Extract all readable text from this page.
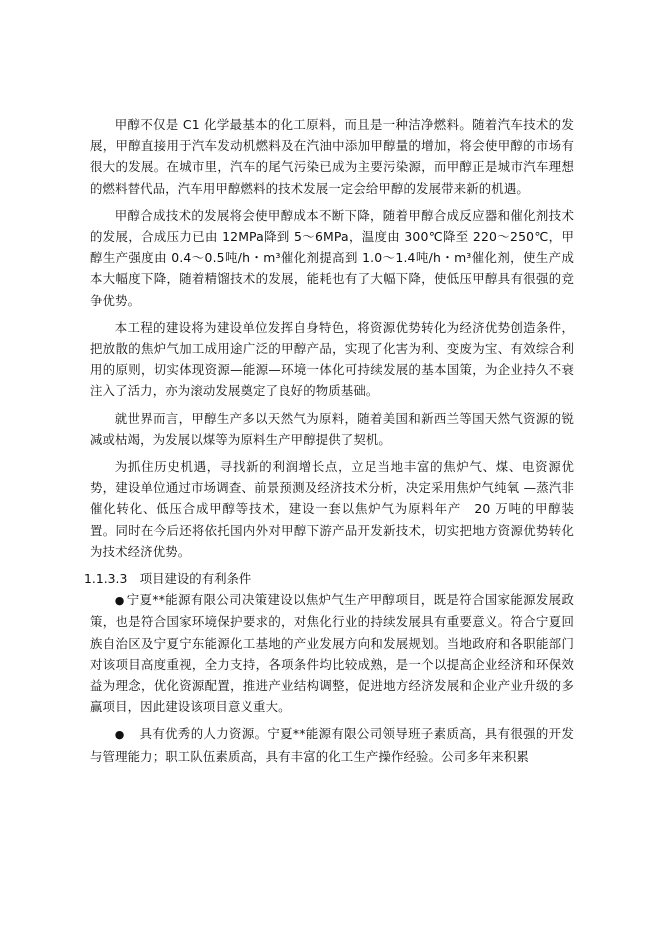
甲醇不仅是 C1 化学最基本的化工原料，而且是一种洁净燃料。随着汽车技术的发展，甲醇直接用于汽车发动机燃料及在汽油中添加甲醇量的增加，将会使甲醇的市场有很大的发展。在城市里，汽车的尾气污染已成为主要污染源，而甲醇正是城市汽车理想的燃料替代品，汽车用甲醇燃料的技术发展一定会给甲醇的发展带来新的机遇。

甲醇合成技术的发展将会使甲醇成本不断下降，随着甲醇合成反应器和催化剂技术的发展，合成压力已由 12MPa降到 5～6MPa，温度由 300℃降至 220～250℃，甲醇生产强度由 0.4～0.5吨/h・m³催化剂提高到 1.0～1.4吨/h・m³催化剂，使生产成本大幅度下降，随着精馏技术的发展，能耗也有了大幅下降，使低压甲醇具有很强的竞争优势。

本工程的建设将为建设单位发挥自身特色，将资源优势转化为经济优势创造条件，把放散的焦炉气加工成用途广泛的甲醇产品，实现了化害为利、变废为宝、有效综合利用的原则，切实体现资源—能源—环境一体化可持续发展的基本国策，为企业持久不衰注入了活力，亦为滚动发展奠定了良好的物质基础。

就世界而言，甲醇生产多以天然气为原料，随着美国和新西兰等国天然气资源的锐减或枯竭，为发展以煤等为原料生产甲醇提供了契机。

为抓住历史机遇，寻找新的利润增长点，立足当地丰富的焦炉气、煤、电资源优势，建设单位通过市场调查、前景预测及经济技术分析，决定采用焦炉气纯氧 —蒸汽非催化转化、低压合成甲醇等技术，建设一套以焦炉气为原料年产　20 万吨的甲醇装置。同时在今后还将依托国内外对甲醇下游产品开发新技术，切实把地方资源优势转化为技术经济优势。

1.1.3.3　项目建设的有利条件

● 宁夏**能源有限公司决策建设以焦炉气生产甲醇项目，既是符合国家能源发展政策，也是符合国家环境保护要求的，对焦化行业的持续发展具有重要意义。符合宁夏回族自治区及宁夏宁东能源化工基地的产业发展方向和发展规划。当地政府和各职能部门对该项目高度重视，全力支持，各项条件均比较成熟，是一个以提高企业经济和环保效益为理念，优化资源配置，推进产业结构调整，促进地方经济发展和企业产业升级的多赢项目，因此建设该项目意义重大。

●　具有优秀的人力资源。宁夏**能源有限公司领导班子素质高，具有很强的开发与管理能力；职工队伍素质高，具有丰富的化工生产操作经验。公司多年来积累
